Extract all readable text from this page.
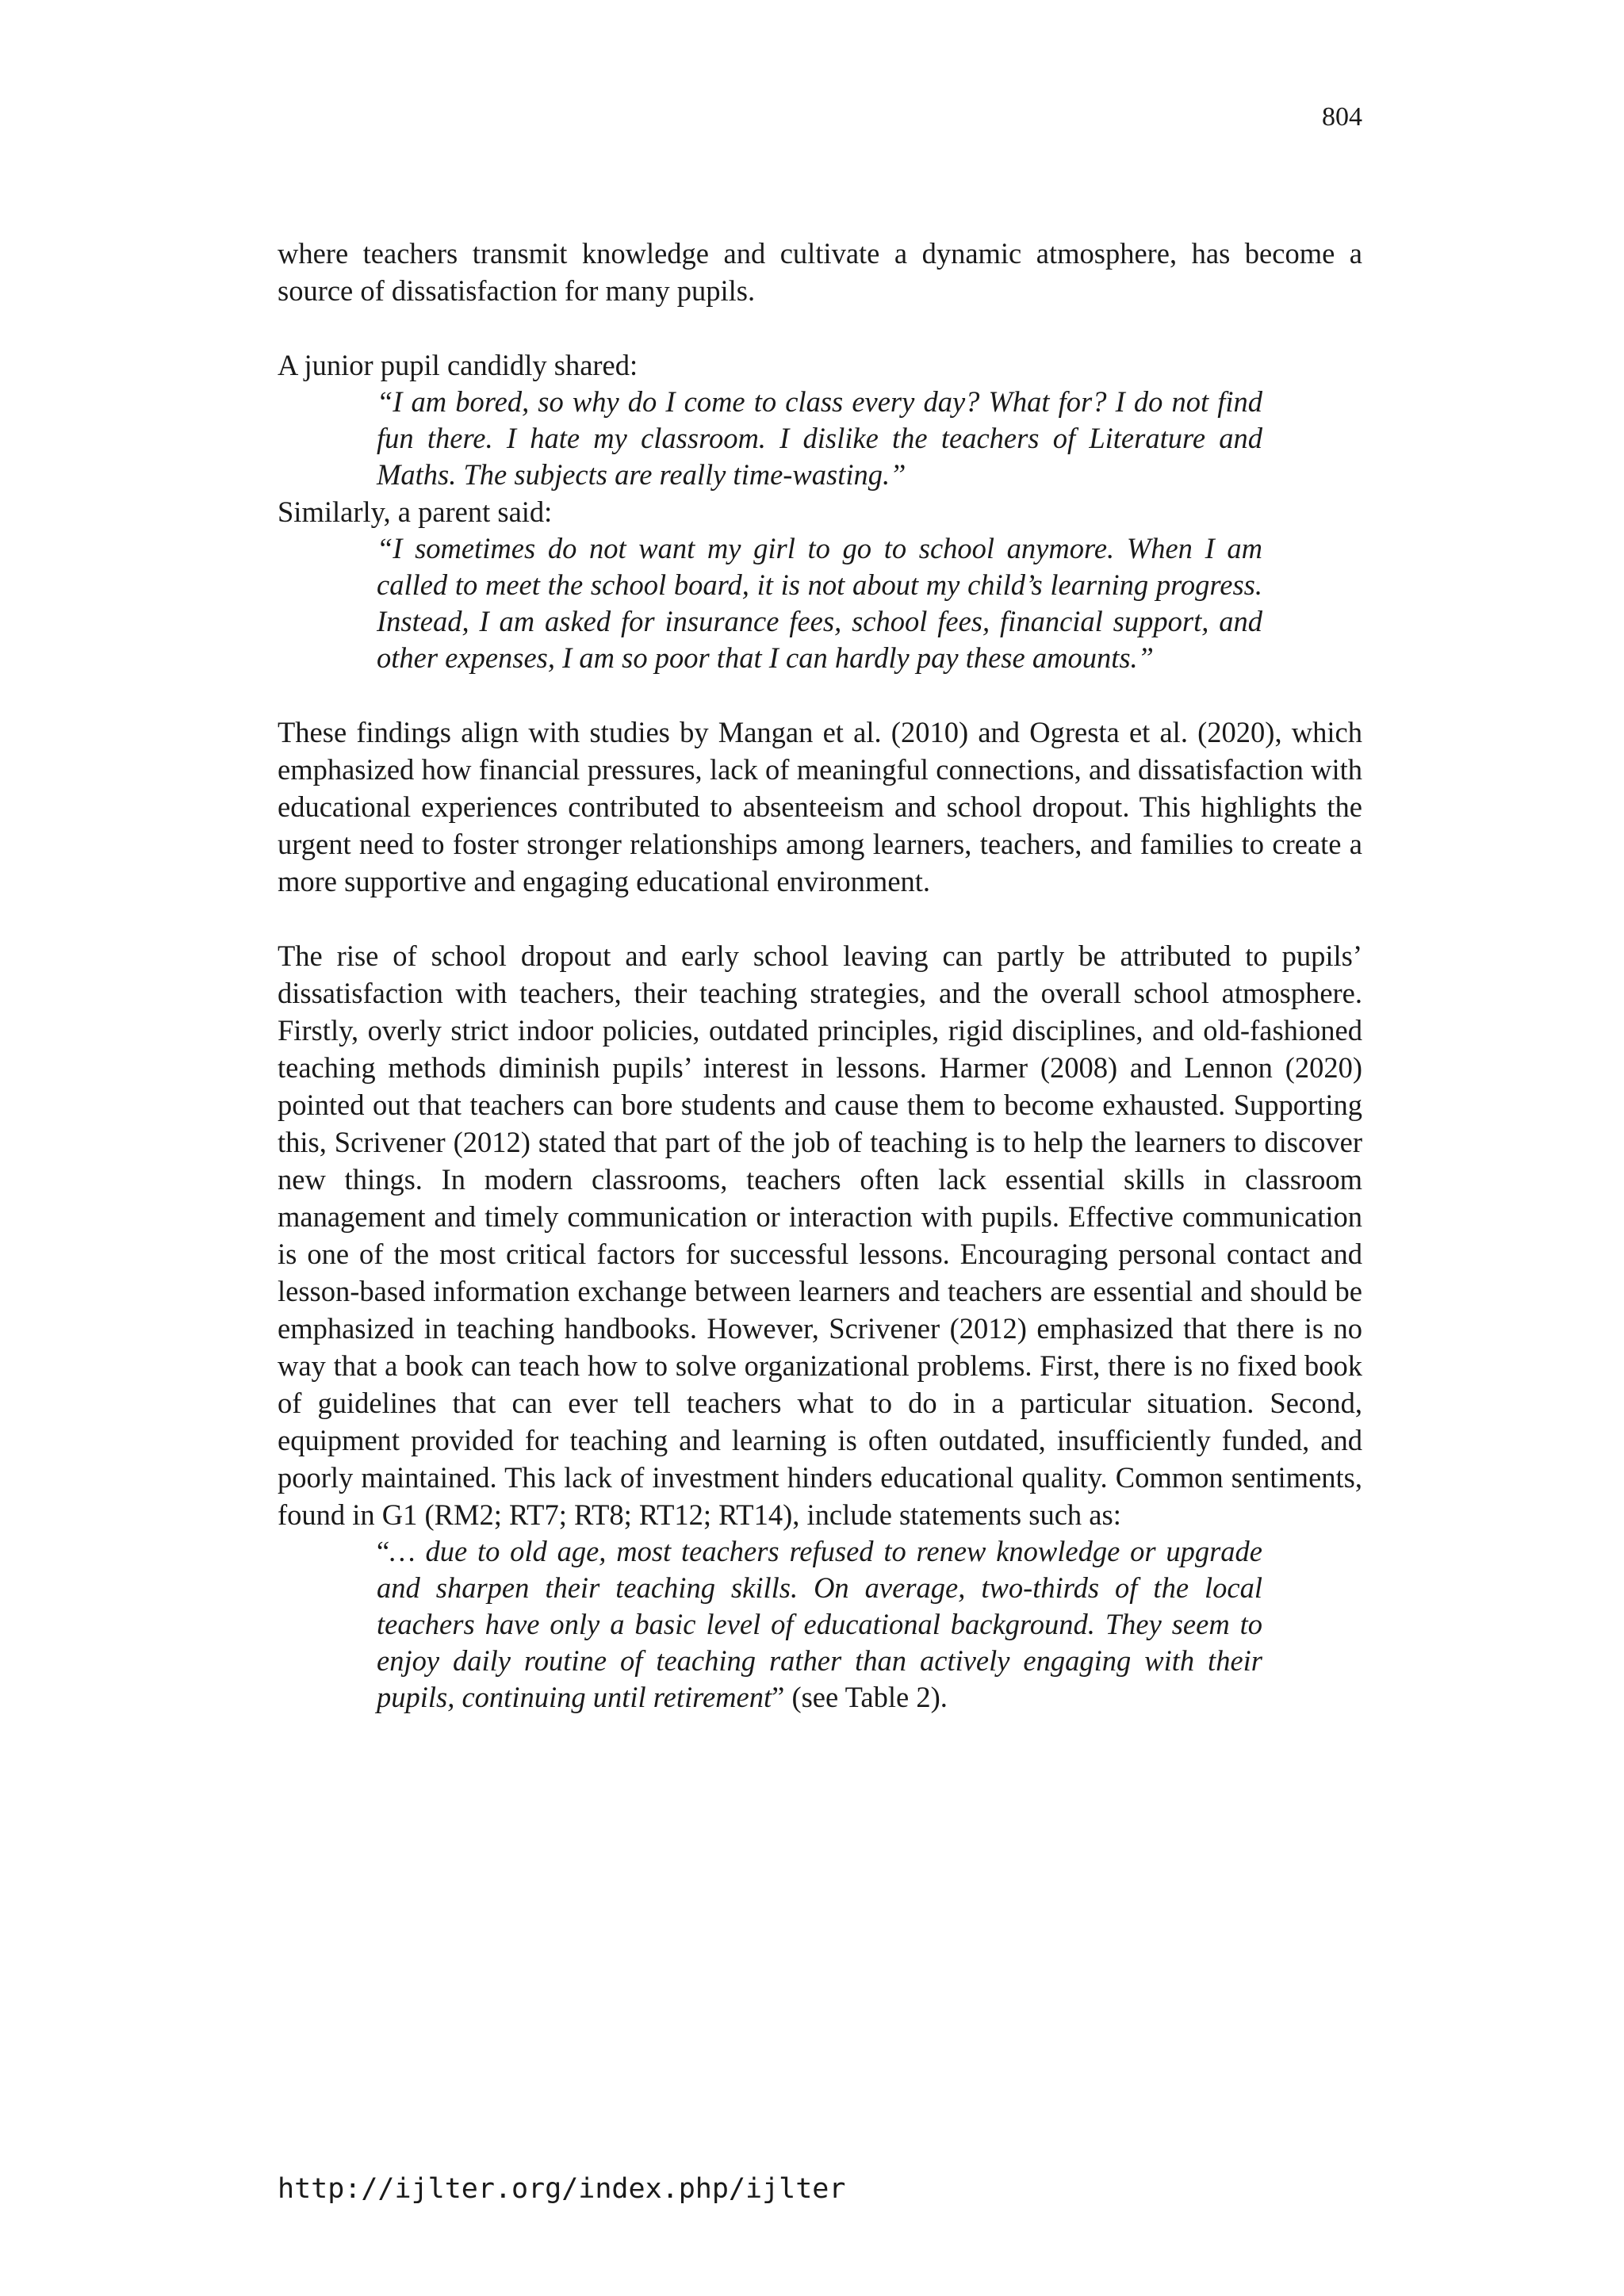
804

where teachers transmit knowledge and cultivate a dynamic atmosphere, has become a source of dissatisfaction for many pupils.

A junior pupil candidly shared:

“I am bored, so why do I come to class every day? What for? I do not find fun there. I hate my classroom. I dislike the teachers of Literature and Maths. The subjects are really time-wasting.”

Similarly, a parent said:

“I sometimes do not want my girl to go to school anymore. When I am called to meet the school board, it is not about my child’s learning progress. Instead, I am asked for insurance fees, school fees, financial support, and other expenses, I am so poor that I can hardly pay these amounts.”

These findings align with studies by Mangan et al. (2010) and Ogresta et al. (2020), which emphasized how financial pressures, lack of meaningful connections, and dissatisfaction with educational experiences contributed to absenteeism and school dropout. This highlights the urgent need to foster stronger relationships among learners, teachers, and families to create a more supportive and engaging educational environment.

The rise of school dropout and early school leaving can partly be attributed to pupils’ dissatisfaction with teachers, their teaching strategies, and the overall school atmosphere. Firstly, overly strict indoor policies, outdated principles, rigid disciplines, and old-fashioned teaching methods diminish pupils’ interest in lessons. Harmer (2008) and Lennon (2020) pointed out that teachers can bore students and cause them to become exhausted. Supporting this, Scrivener (2012) stated that part of the job of teaching is to help the learners to discover new things. In modern classrooms, teachers often lack essential skills in classroom management and timely communication or interaction with pupils. Effective communication is one of the most critical factors for successful lessons. Encouraging personal contact and lesson-based information exchange between learners and teachers are essential and should be emphasized in teaching handbooks. However, Scrivener (2012) emphasized that there is no way that a book can teach how to solve organizational problems. First, there is no fixed book of guidelines that can ever tell teachers what to do in a particular situation. Second, equipment provided for teaching and learning is often outdated, insufficiently funded, and poorly maintained. This lack of investment hinders educational quality. Common sentiments, found in G1 (RM2; RT7; RT8; RT12; RT14), include statements such as:

“… due to old age, most teachers refused to renew knowledge or upgrade and sharpen their teaching skills. On average, two-thirds of the local teachers have only a basic level of educational background. They seem to enjoy daily routine of teaching rather than actively engaging with their pupils, continuing until retirement” (see Table 2).

http://ijlter.org/index.php/ijlter
